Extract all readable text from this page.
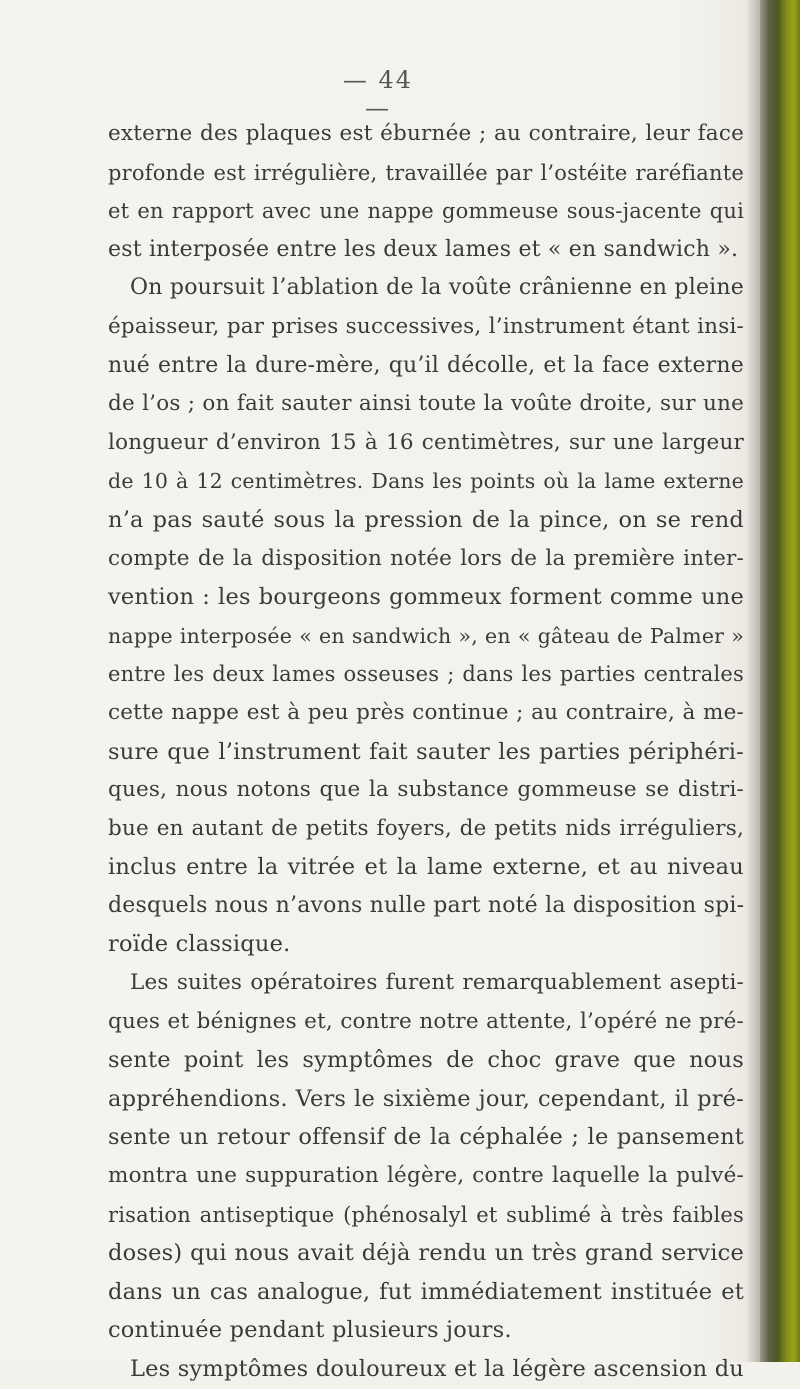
— 44 —
externe des plaques est éburnée ; au contraire, leur face
profonde est irrégulière, travaillée par l’ostéite raréfiante
et en rapport avec une nappe gommeuse sous-jacente qui
est interposée entre les deux lames et « en sandwich ».
On poursuit l’ablation de la voûte crânienne en pleine
épaisseur, par prises successives, l’instrument étant insi-
nué entre la dure-mère, qu’il décolle, et la face externe
de l’os ; on fait sauter ainsi toute la voûte droite, sur une
longueur d’environ 15 à 16 centimètres, sur une largeur
de 10 à 12 centimètres. Dans les points où la lame externe
n’a pas sauté sous la pression de la pince, on se rend
compte de la disposition notée lors de la première inter-
vention : les bourgeons gommeux forment comme une
nappe interposée « en sandwich », en « gâteau de Palmer »
entre les deux lames osseuses ; dans les parties centrales
cette nappe est à peu près continue ; au contraire, à me-
sure que l’instrument fait sauter les parties périphéri-
ques, nous notons que la substance gommeuse se distri-
bue en autant de petits foyers, de petits nids irréguliers,
inclus entre la vitrée et la lame externe, et au niveau
desquels nous n’avons nulle part noté la disposition spi-
roïde classique.
Les suites opératoires furent remarquablement asepti-
ques et bénignes et, contre notre attente, l’opéré ne pré-
sente point les symptômes de choc grave que nous
appréhendions. Vers le sixième jour, cependant, il pré-
sente un retour offensif de la céphalée ; le pansement
montra une suppuration légère, contre laquelle la pulvé-
risation antiseptique (phénosalyl et sublimé à très faibles
doses) qui nous avait déjà rendu un très grand service
dans un cas analogue, fut immédiatement instituée et
continuée pendant plusieurs jours.
Les symptômes douloureux et la légère ascension du
